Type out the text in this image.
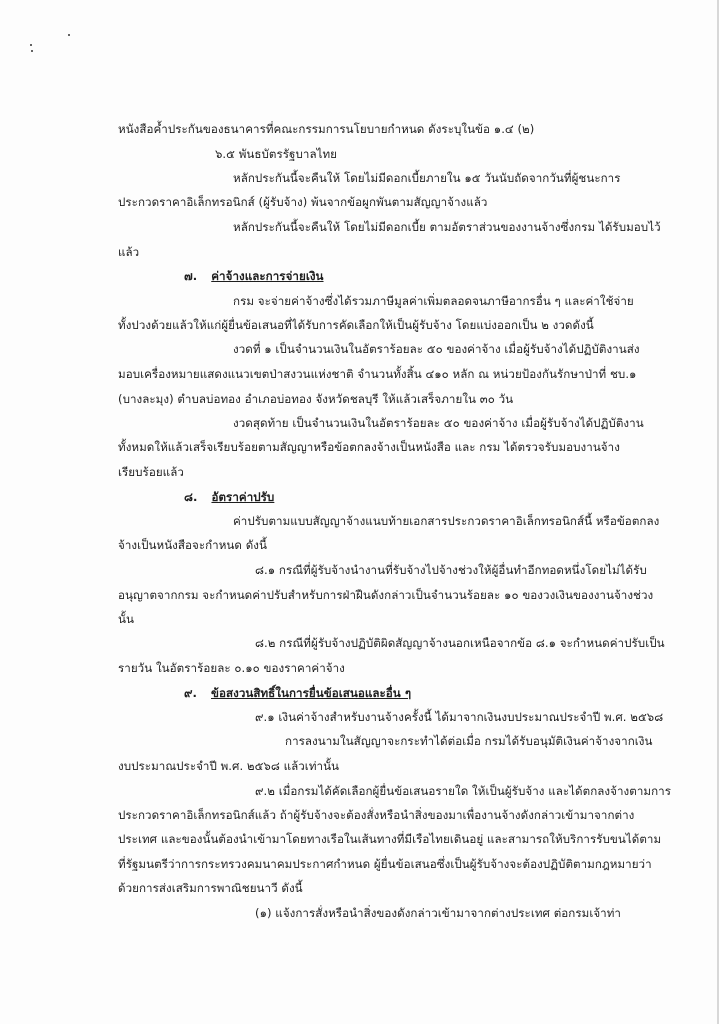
หนังสือค้ำประกันของธนาคารที่คณะกรรมการนโยบายกำหนด ดังระบุในข้อ ๑.๔ (๒)
๖.๕ พันธบัตรรัฐบาลไทย
หลักประกันนี้จะคืนให้ โดยไม่มีดอกเบี้ยภายใน ๑๕ วันนับถัดจากวันที่ผู้ชนะการ
ประกวดราคาอิเล็กทรอนิกส์ (ผู้รับจ้าง) พ้นจากข้อผูกพันตามสัญญาจ้างแล้ว
หลักประกันนี้จะคืนให้ โดยไม่มีดอกเบี้ย ตามอัตราส่วนของงานจ้างซึ่งกรม ได้รับมอบไว้
แล้ว
๗. ค่าจ้างและการจ่ายเงิน
กรม จะจ่ายค่าจ้างซึ่งได้รวมภาษีมูลค่าเพิ่มตลอดจนภาษีอากรอื่น ๆ และค่าใช้จ่าย
ทั้งปวงด้วยแล้วให้แก่ผู้ยื่นข้อเสนอที่ได้รับการคัดเลือกให้เป็นผู้รับจ้าง โดยแบ่งออกเป็น ๒ งวดดังนี้
งวดที่ ๑ เป็นจำนวนเงินในอัตราร้อยละ ๕๐ ของค่าจ้าง เมื่อผู้รับจ้างได้ปฏิบัติงานส่ง
มอบเครื่องหมายแสดงแนวเขตป่าสงวนแห่งชาติ จำนวนทั้งสิ้น ๔๑๐ หลัก ณ หน่วยป้องกันรักษาป่าที่ ชบ.๑
(บางละมุง) ตำบลบ่อทอง อำเภอบ่อทอง จังหวัดชลบุรี ให้แล้วเสร็จภายใน ๓๐ วัน
งวดสุดท้าย เป็นจำนวนเงินในอัตราร้อยละ ๕๐ ของค่าจ้าง เมื่อผู้รับจ้างได้ปฏิบัติงาน
ทั้งหมดให้แล้วเสร็จเรียบร้อยตามสัญญาหรือข้อตกลงจ้างเป็นหนังสือ และ กรม ได้ตรวจรับมอบงานจ้าง
เรียบร้อยแล้ว
๘. อัตราค่าปรับ
ค่าปรับตามแบบสัญญาจ้างแนบท้ายเอกสารประกวดราคาอิเล็กทรอนิกส์นี้ หรือข้อตกลง
จ้างเป็นหนังสือจะกำหนด ดังนี้
๘.๑ กรณีที่ผู้รับจ้างนำงานที่รับจ้างไปจ้างช่วงให้ผู้อื่นทำอีกทอดหนึ่งโดยไม่ได้รับ
อนุญาตจากกรม จะกำหนดค่าปรับสำหรับการฝ่าฝืนดังกล่าวเป็นจำนวนร้อยละ ๑๐ ของวงเงินของงานจ้างช่วง
นั้น
๘.๒ กรณีที่ผู้รับจ้างปฏิบัติผิดสัญญาจ้างนอกเหนือจากข้อ ๘.๑ จะกำหนดค่าปรับเป็น
รายวัน ในอัตราร้อยละ ๐.๑๐ ของราคาค่าจ้าง
๙. ข้อสงวนสิทธิ์ในการยื่นข้อเสนอและอื่น ๆ
๙.๑ เงินค่าจ้างสำหรับงานจ้างครั้งนี้ ได้มาจากเงินงบประมาณประจำปี พ.ศ. ๒๕๖๘
การลงนามในสัญญาจะกระทำได้ต่อเมื่อ กรมได้รับอนุมัติเงินค่าจ้างจากเงิน
งบประมาณประจำปี พ.ศ. ๒๕๖๘ แล้วเท่านั้น
๙.๒ เมื่อกรมได้คัดเลือกผู้ยื่นข้อเสนอรายใด ให้เป็นผู้รับจ้าง และได้ตกลงจ้างตามการ
ประกวดราคาอิเล็กทรอนิกส์แล้ว ถ้าผู้รับจ้างจะต้องสั่งหรือนำสิ่งของมาเพื่องานจ้างดังกล่าวเข้ามาจากต่าง
ประเทศ และของนั้นต้องนำเข้ามาโดยทางเรือในเส้นทางที่มีเรือไทยเดินอยู่ และสามารถให้บริการรับขนได้ตาม
ที่รัฐมนตรีว่าการกระทรวงคมนาคมประกาศกำหนด ผู้ยื่นข้อเสนอซึ่งเป็นผู้รับจ้างจะต้องปฏิบัติตามกฎหมายว่า
ด้วยการส่งเสริมการพาณิชยนาวี ดังนี้
(๑) แจ้งการสั่งหรือนำสิ่งของดังกล่าวเข้ามาจากต่างประเทศ ต่อกรมเจ้าท่า
